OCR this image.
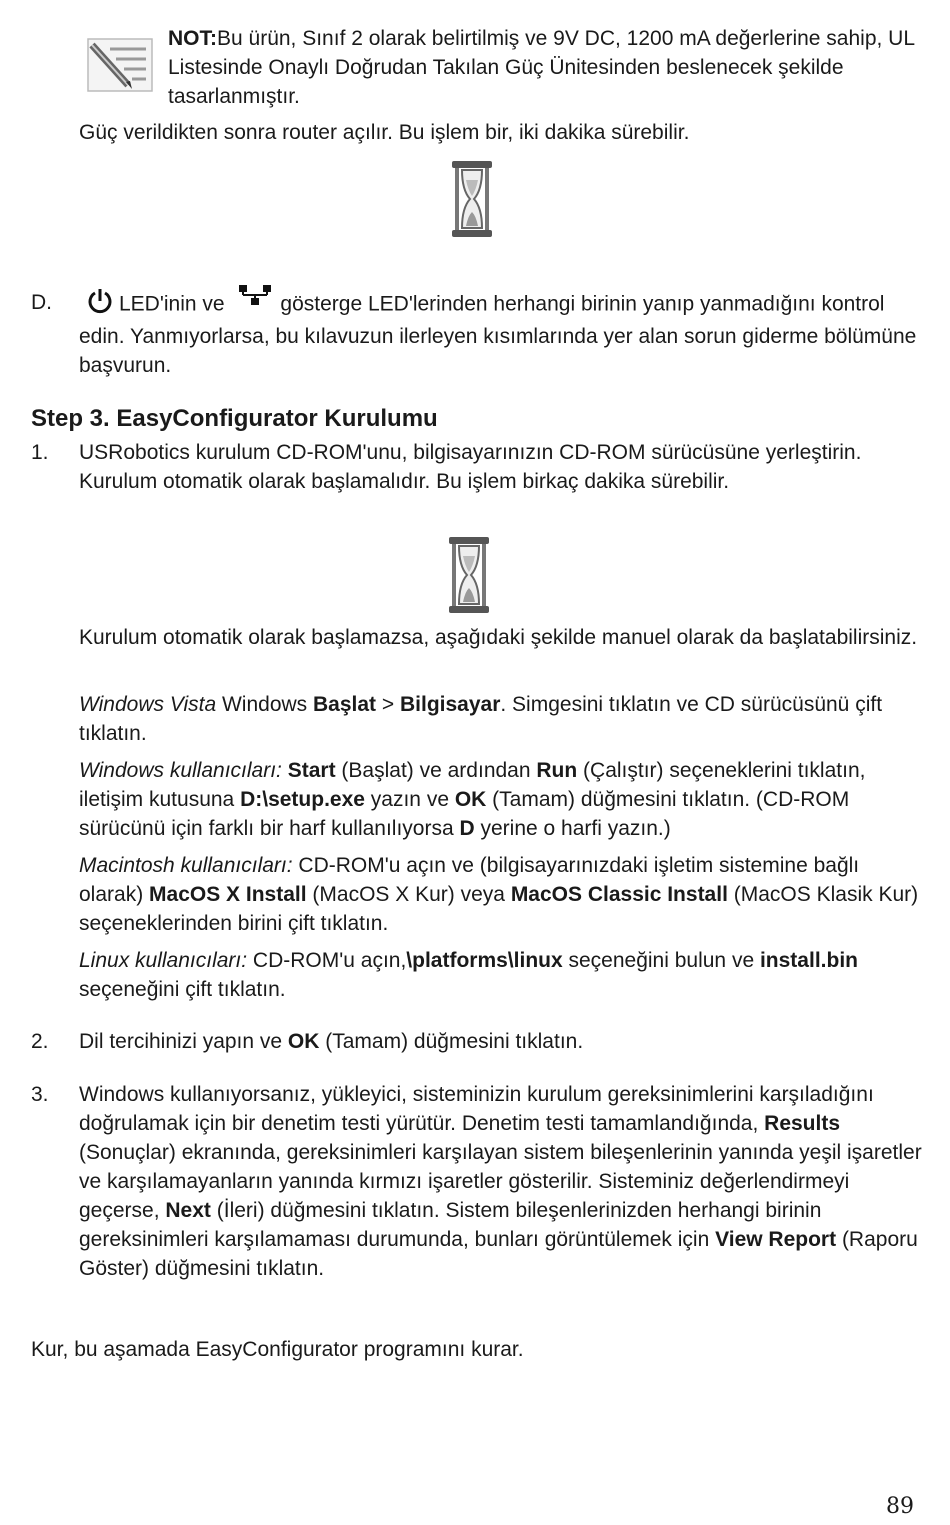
NOT:Bu ürün, Sınıf 2 olarak belirtilmiş ve 9V DC, 1200 mA değerlerine sahip, UL Listesinde Onaylı Doğrudan Takılan Güç Ünitesinden beslenecek şekilde tasarlanmıştır.

Güç verildikten sonra router açılır. Bu işlem bir, iki dakika sürebilir.

D.	LED'inin ve	gösterge LED'lerinden herhangi birinin yanıp yanmadığını kontrol edin. Yanmıyorlarsa, bu kılavuzun ilerleyen kısımlarında yer alan sorun giderme bölümüne başvurun.

Step 3. EasyConfigurator Kurulumu
1.	USRobotics kurulum CD-ROM'unu, bilgisayarınızın CD-ROM sürücüsüne yerleştirin. Kurulum otomatik olarak başlamalıdır. Bu işlem birkaç dakika sürebilir.

Kurulum otomatik olarak başlamazsa, aşağıdaki şekilde manuel olarak da başlatabilirsiniz.

Windows Vista Windows Başlat > Bilgisayar. Simgesini tıklatın ve CD sürücüsünü çift tıklatın.

Windows kullanıcıları: Start (Başlat) ve ardından Run (Çalıştır) seçeneklerini tıklatın, iletişim kutusuna D:\setup.exe yazın ve OK (Tamam) düğmesini tıklatın. (CD-ROM sürücünü için farklı bir harf kullanılıyorsa D yerine o harfi yazın.)

Macintosh kullanıcıları: CD-ROM'u açın ve (bilgisayarınızdaki işletim sistemine bağlı olarak) MacOS X Install (MacOS X Kur) veya MacOS Classic Install (MacOS Klasik Kur) seçeneklerinden birini çift tıklatın.

Linux kullanıcıları: CD-ROM'u açın,\platforms\linux seçeneğini bulun ve install.bin seçeneğini çift tıklatın.

2.	Dil tercihinizi yapın ve OK (Tamam) düğmesini tıklatın.

3.	Windows kullanıyorsanız, yükleyici, sisteminizin kurulum gereksinimlerini karşıladığını doğrulamak için bir denetim testi yürütür. Denetim testi tamamlandığında, Results (Sonuçlar) ekranında, gereksinimleri karşılayan sistem bileşenlerinin yanında yeşil işaretler ve karşılamayanların yanında kırmızı işaretler gösterilir. Sisteminiz değerlendirmeyi geçerse, Next (İleri) düğmesini tıklatın. Sistem bileşenlerinizden herhangi birinin gereksinimleri karşılamaması durumunda, bunları görüntülemek için View Report (Raporu Göster) düğmesini tıklatın.

Kur, bu aşamada EasyConfigurator programını kurar.

89
